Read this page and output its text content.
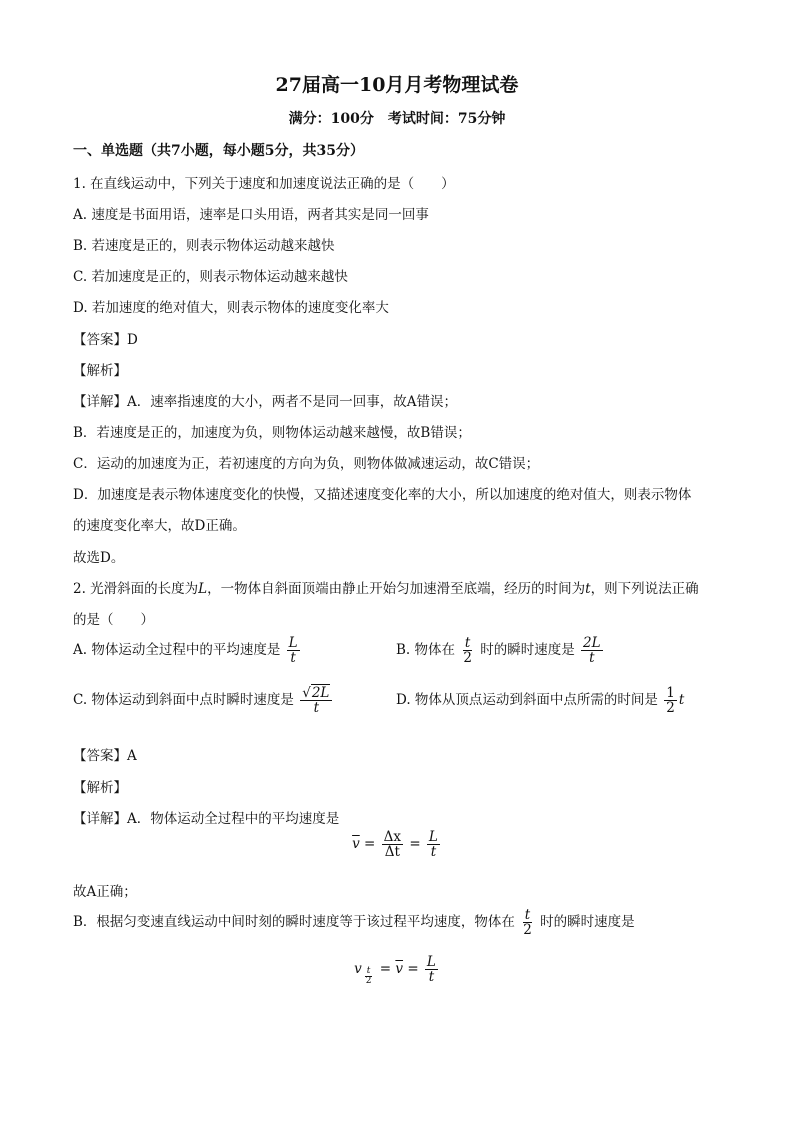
27届高一10月月考物理试卷
满分：100分　考试时间：75分钟
一、单选题（共7小题，每小题5分，共35分）
1. 在直线运动中，下列关于速度和加速度说法正确的是（　　）
A. 速度是书面用语，速率是口头用语，两者其实是同一回事
B. 若速度是正的，则表示物体运动越来越快
C. 若加速度是正的，则表示物体运动越来越快
D. 若加速度的绝对值大，则表示物体的速度变化率大
【答案】D
【解析】
【详解】A．速率指速度的大小，两者不是同一回事，故A错误；
B．若速度是正的，加速度为负，则物体运动越来越慢，故B错误；
C．运动的加速度为正，若初速度的方向为负，则物体做减速运动，故C错误；
D．加速度是表示物体速度变化的快慢，又描述速度变化率的大小，所以加速度的绝对值大，则表示物体
的速度变化率大，故D正确。
故选D。
2. 光滑斜面的长度为L，一物体自斜面顶端由静止开始匀加速滑至底端，经历的时间为t，则下列说法正确
的是（　　）
A. 物体运动全过程中的平均速度是 $\frac{L}{t}$	B. 物体在 $\frac{t}{2}$ 时的瞬时速度是 $\frac{2L}{t}$
C. 物体运动到斜面中点时瞬时速度是 $\frac{√2L}{t}$	D. 物体从顶点运动到斜面中点所需的时间是 $\frac{1}{2}$ t
【答案】A
【解析】
【详解】A．物体运动全过程中的平均速度是
$\overline{v} = \frac{\Delta x}{\Delta t} = \frac{L}{t}$
故A正确；
B．根据匀变速直线运动中间时刻的瞬时速度等于该过程平均速度，物体在 $\frac{t}{2}$ 时的瞬时速度是
v $\frac{t}{2} = \overline{v} = \frac{L}{t}$
